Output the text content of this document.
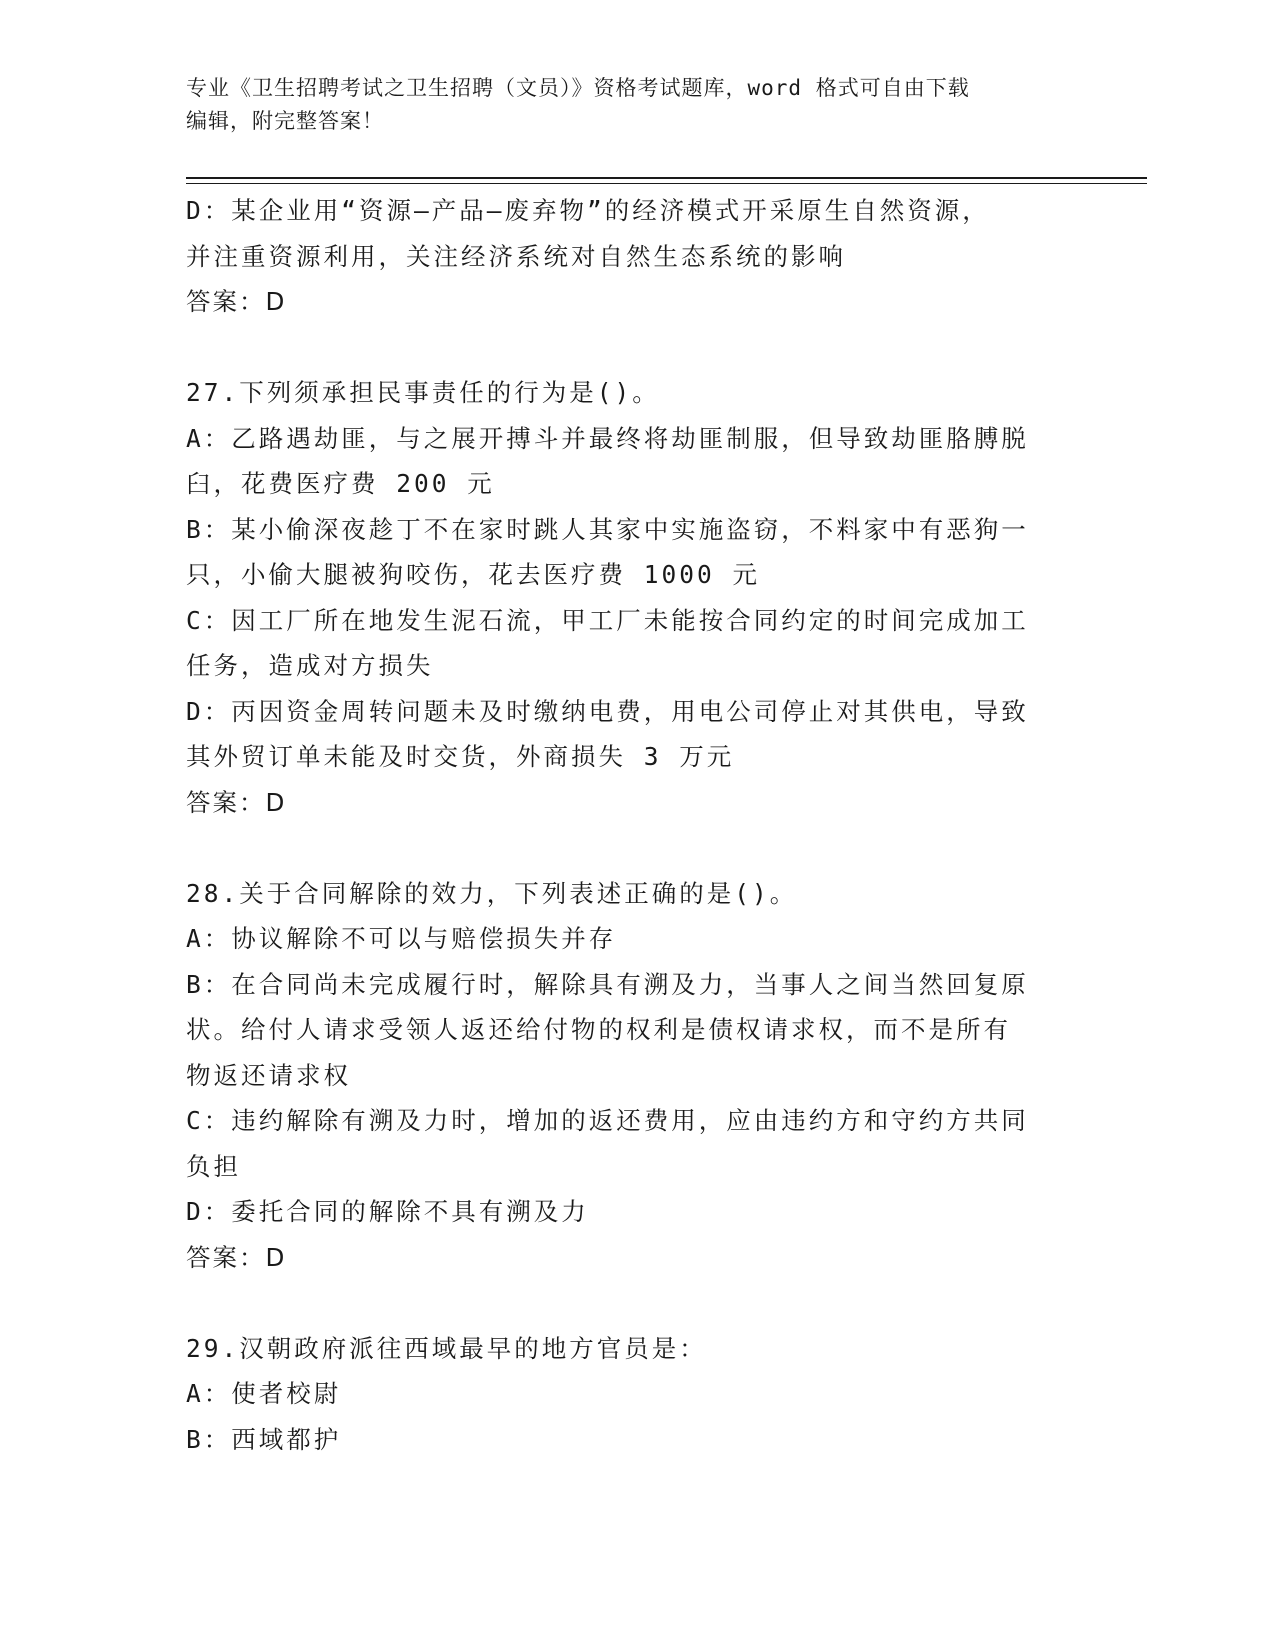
专业《卫生招聘考试之卫生招聘（文员）》资格考试题库，word 格式可自由下载
编辑，附完整答案！
D：某企业用“资源—产品—废弃物”的经济模式开采原生自然资源，
并注重资源利用，关注经济系统对自然生态系统的影响
答案：D
27.下列须承担民事责任的行为是()。
A：乙路遇劫匪，与之展开搏斗并最终将劫匪制服，但导致劫匪胳膊脱
臼，花费医疗费 200 元
B：某小偷深夜趁丁不在家时跳人其家中实施盗窃，不料家中有恶狗一
只，小偷大腿被狗咬伤，花去医疗费 1000 元
C：因工厂所在地发生泥石流，甲工厂未能按合同约定的时间完成加工
任务，造成对方损失
D：丙因资金周转问题未及时缴纳电费，用电公司停止对其供电，导致
其外贸订单未能及时交货，外商损失 3 万元
答案：D
28.关于合同解除的效力，下列表述正确的是()。
A：协议解除不可以与赔偿损失并存
B：在合同尚未完成履行时，解除具有溯及力，当事人之间当然回复原
状。给付人请求受领人返还给付物的权利是债权请求权，而不是所有
物返还请求权
C：违约解除有溯及力时，增加的返还费用，应由违约方和守约方共同
负担
D：委托合同的解除不具有溯及力
答案：D
29.汉朝政府派往西域最早的地方官员是：
A：使者校尉
B：西域都护
